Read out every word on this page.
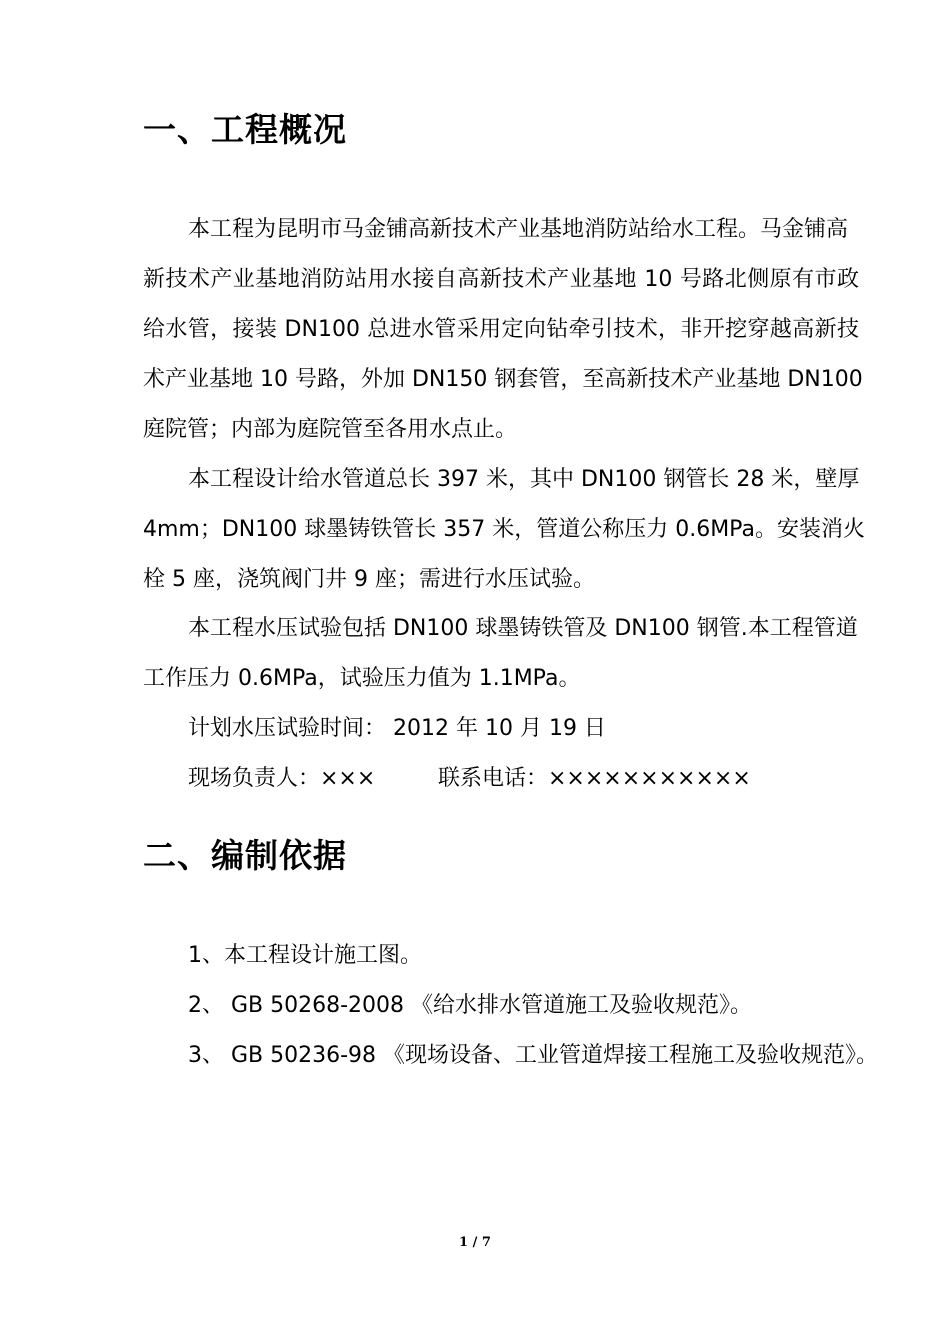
一、工程概况
本工程为昆明市马金铺高新技术产业基地消防站给水工程。马金铺高
新技术产业基地消防站用水接自高新技术产业基地 10 号路北侧原有市政
给水管，接装 DN100 总进水管采用定向钻牵引技术，非开挖穿越高新技
术产业基地 10 号路，外加 DN150 钢套管，至高新技术产业基地 DN100
庭院管；内部为庭院管至各用水点止。
本工程设计给水管道总长 397 米，其中 DN100 钢管长 28 米，壁厚
4mm；DN100 球墨铸铁管长 357 米，管道公称压力 0.6MPa。安装消火
栓 5 座，浇筑阀门井 9 座；需进行水压试验。
本工程水压试验包括 DN100 球墨铸铁管及 DN100 钢管.本工程管道
工作压力 0.6MPa，试验压力值为 1.1MPa。
计划水压试验时间： 2012 年 10 月 19 日
现场负责人：×××	联系电话：×××××××××××
二、编制依据
1、本工程设计施工图。
2、 GB 50268-2008 《给水排水管道施工及验收规范》。
3、 GB 50236-98 《现场设备、工业管道焊接工程施工及验收规范》。
1 / 7
